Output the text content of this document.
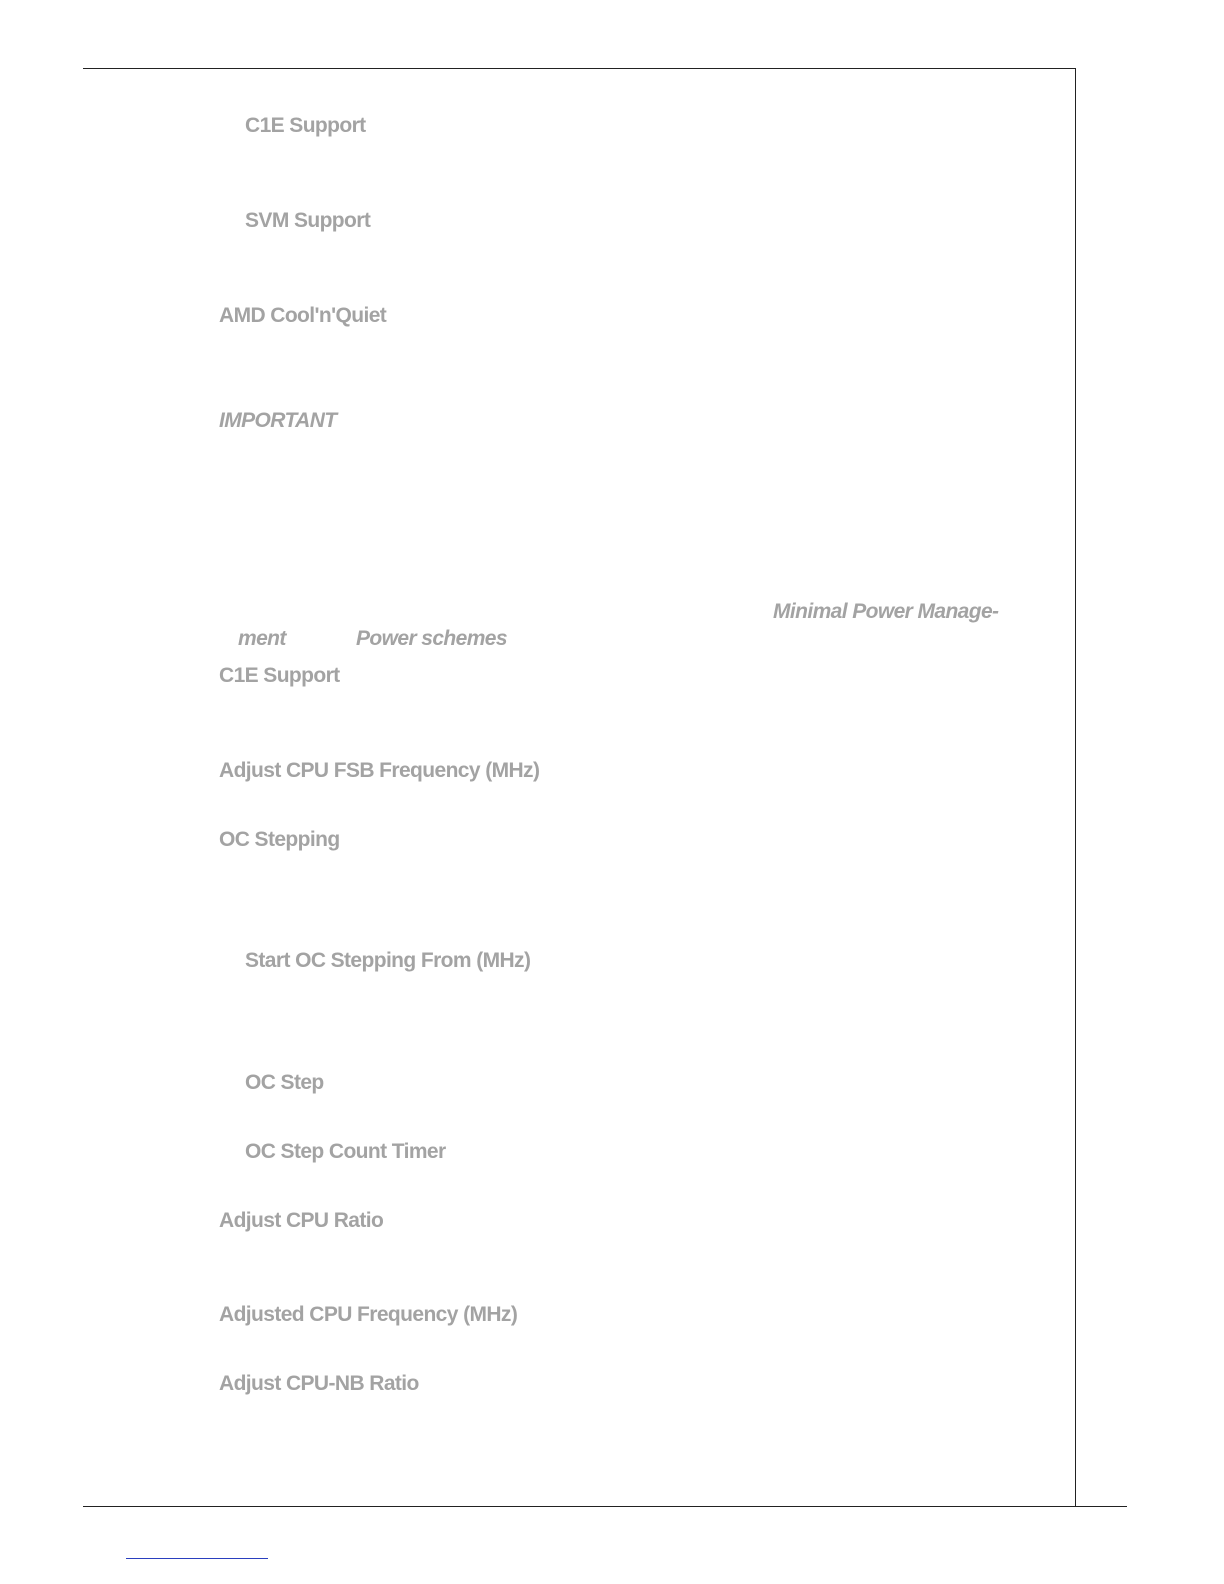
C1E Support
SVM Support
AMD Cool'n'Quiet
IMPORTANT
Minimal Power Manage-
ment	Power schemes
C1E Support
Adjust CPU FSB Frequency (MHz)
OC Stepping
Start OC Stepping From (MHz)
OC Step
OC Step Count Timer
Adjust CPU Ratio
Adjusted CPU Frequency (MHz)
Adjust CPU-NB Ratio
